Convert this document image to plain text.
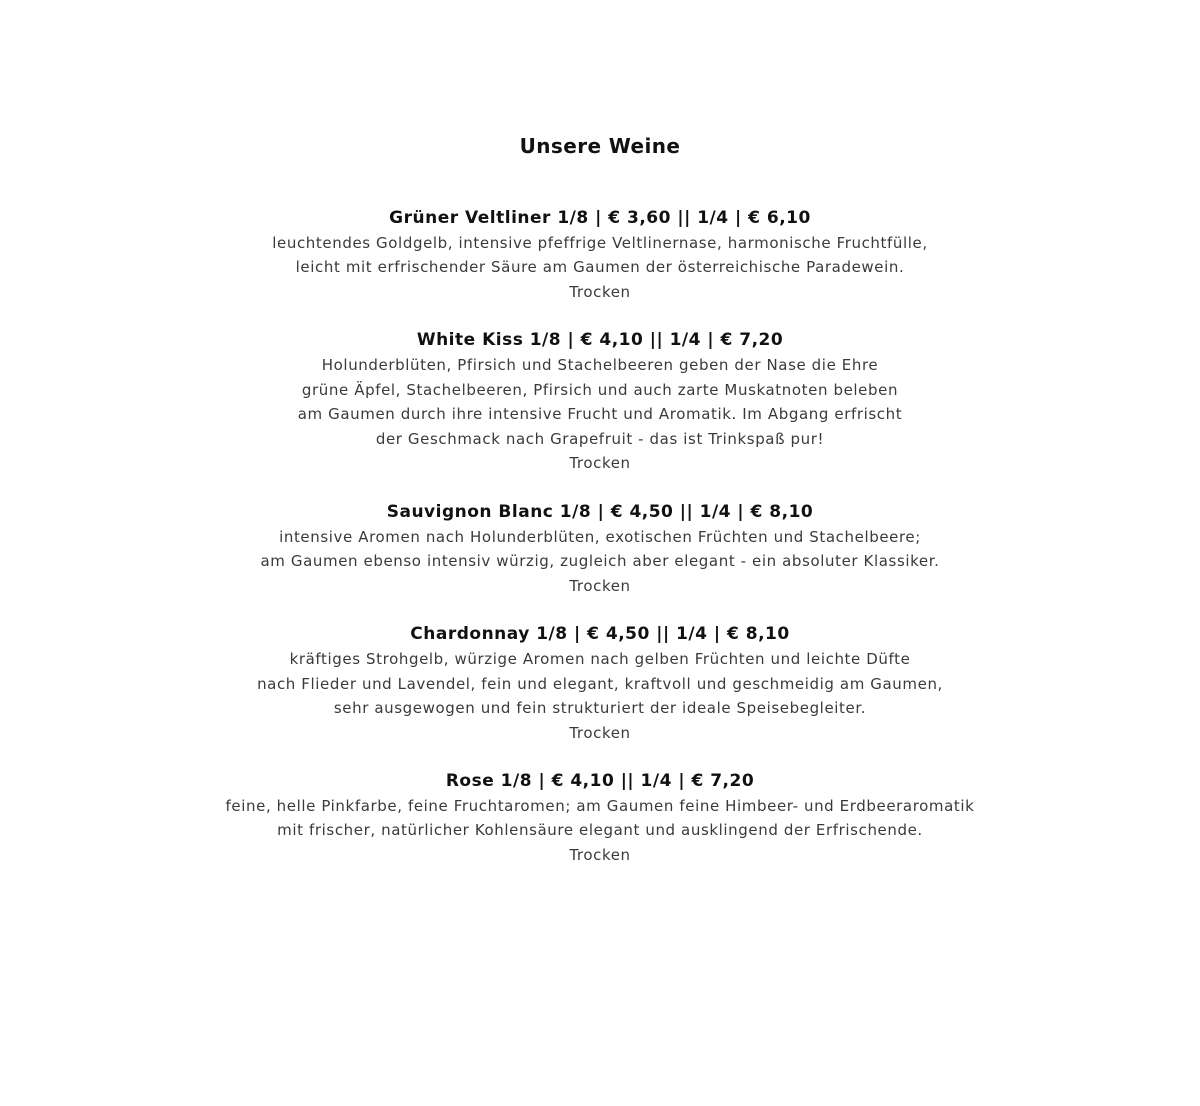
Unsere Weine

Grüner Veltliner 1/8 | € 3,60 || 1/4 | € 6,10

leuchtendes Goldgelb, intensive pfeffrige Veltlinernase, harmonische Fruchtfülle,

leicht mit erfrischender Säure am Gaumen der österreichische Paradewein.

Trocken

White Kiss 1/8 | € 4,10 || 1/4 | € 7,20

Holunderblüten, Pfirsich und Stachelbeeren geben der Nase die Ehre

grüne Äpfel, Stachelbeeren, Pfirsich und auch zarte Muskatnoten beleben

am Gaumen durch ihre intensive Frucht und Aromatik. Im Abgang erfrischt

der Geschmack nach Grapefruit - das ist Trinkspaß pur!

Trocken

Sauvignon Blanc 1/8 | € 4,50 || 1/4 | € 8,10

intensive Aromen nach Holunderblüten, exotischen Früchten und Stachelbeere;

am Gaumen ebenso intensiv würzig, zugleich aber elegant - ein absoluter Klassiker.

Trocken

Chardonnay 1/8 | € 4,50 || 1/4 | € 8,10

kräftiges Strohgelb, würzige Aromen nach gelben Früchten und leichte Düfte

nach Flieder und Lavendel, fein und elegant, kraftvoll und geschmeidig am Gaumen,

sehr ausgewogen und fein strukturiert der ideale Speisebegleiter.

Trocken

Rose 1/8 | € 4,10 || 1/4 | € 7,20

feine, helle Pinkfarbe, feine Fruchtaromen; am Gaumen feine Himbeer- und Erdbeeraromatik

mit frischer, natürlicher Kohlensäure elegant und ausklingend der Erfrischende.

Trocken
